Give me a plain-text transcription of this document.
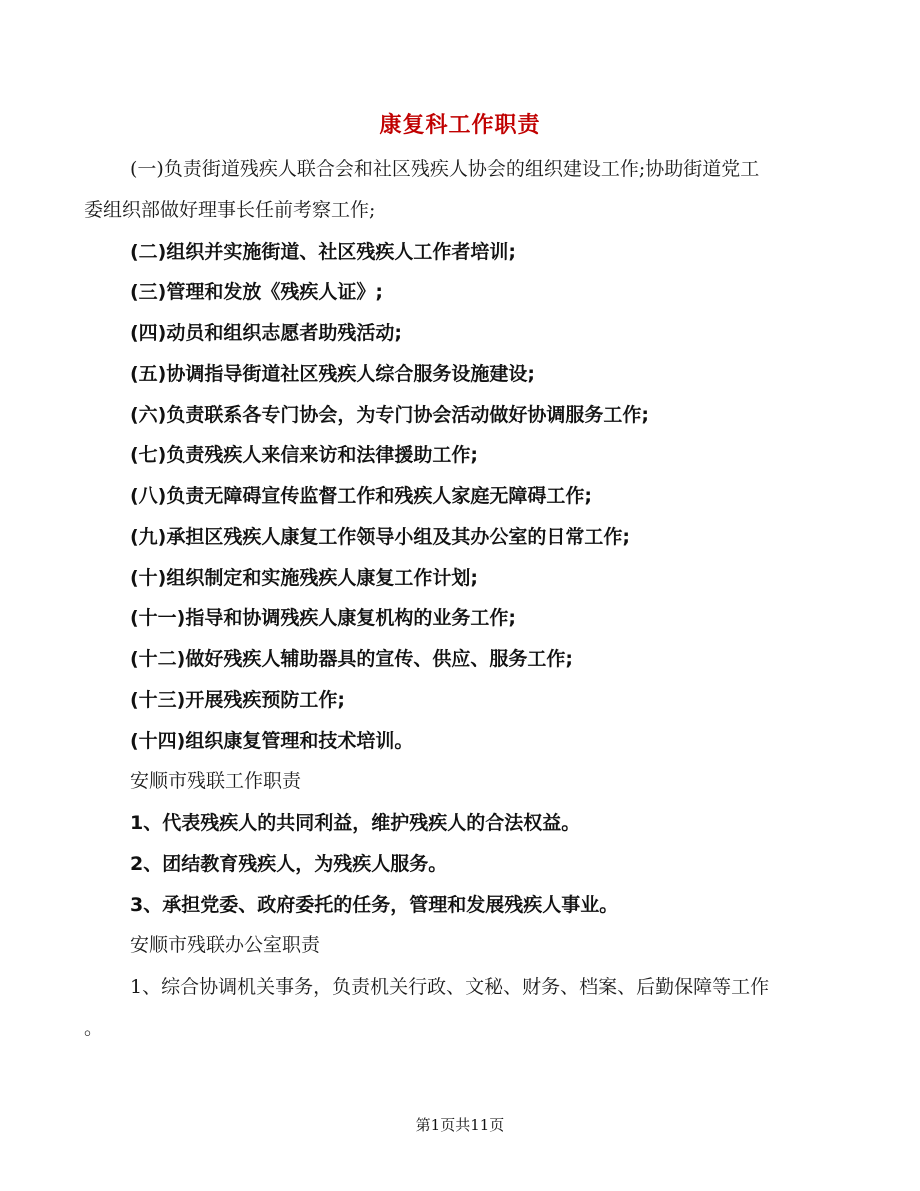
康复科工作职责
(一)负责街道残疾人联合会和社区残疾人协会的组织建设工作;协助街道党工
委组织部做好理事长任前考察工作;
(二)组织并实施街道、社区残疾人工作者培训;
(三)管理和发放《残疾人证》;
(四)动员和组织志愿者助残活动;
(五)协调指导街道社区残疾人综合服务设施建设;
(六)负责联系各专门协会，为专门协会活动做好协调服务工作;
(七)负责残疾人来信来访和法律援助工作;
(八)负责无障碍宣传监督工作和残疾人家庭无障碍工作;
(九)承担区残疾人康复工作领导小组及其办公室的日常工作;
(十)组织制定和实施残疾人康复工作计划;
(十一)指导和协调残疾人康复机构的业务工作;
(十二)做好残疾人辅助器具的宣传、供应、服务工作;
(十三)开展残疾预防工作;
(十四)组织康复管理和技术培训。
安顺市残联工作职责
1、代表残疾人的共同利益，维护残疾人的合法权益。
2、团结教育残疾人，为残疾人服务。
3、承担党委、政府委托的任务，管理和发展残疾人事业。
安顺市残联办公室职责
1、综合协调机关事务，负责机关行政、文秘、财务、档案、后勤保障等工作
。
第1页共11页
